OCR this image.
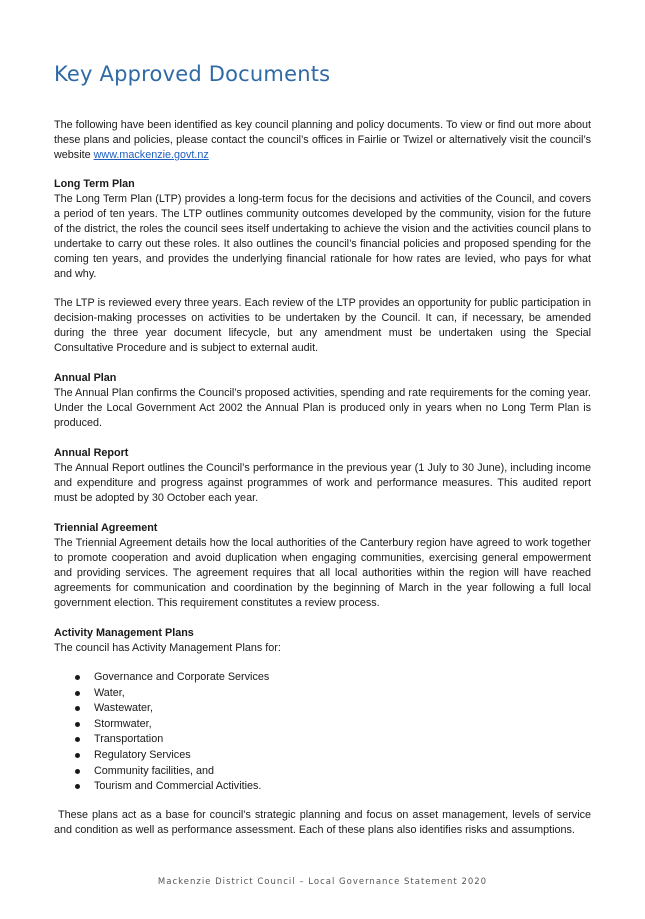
Key Approved Documents

The following have been identified as key council planning and policy documents. To view or find out more about these plans and policies, please contact the council’s offices in Fairlie or Twizel or alternatively visit the council’s website www.mackenzie.govt.nz

Long Term Plan

The Long Term Plan (LTP) provides a long-term focus for the decisions and activities of the Council, and covers a period of ten years. The LTP outlines community outcomes developed by the community, vision for the future of the district, the roles the council sees itself undertaking to achieve the vision and the activities council plans to undertake to carry out these roles. It also outlines the council’s financial policies and proposed spending for the coming ten years, and provides the underlying financial rationale for how rates are levied, who pays for what and why.

The LTP is reviewed every three years. Each review of the LTP provides an opportunity for public participation in decision-making processes on activities to be undertaken by the Council. It can, if necessary, be amended during the three year document lifecycle, but any amendment must be undertaken using the Special Consultative Procedure and is subject to external audit.

Annual Plan

The Annual Plan confirms the Council’s proposed activities, spending and rate requirements for the coming year. Under the Local Government Act 2002 the Annual Plan is produced only in years when no Long Term Plan is produced.

Annual Report

The Annual Report outlines the Council’s performance in the previous year (1 July to 30 June), including income and expenditure and progress against programmes of work and performance measures. This audited report must be adopted by 30 October each year.

Triennial Agreement

The Triennial Agreement details how the local authorities of the Canterbury region have agreed to work together to promote cooperation and avoid duplication when engaging communities, exercising general empowerment and providing services. The agreement requires that all local authorities within the region will have reached agreements for communication and coordination by the beginning of March in the year following a full local government election. This requirement constitutes a review process.

Activity Management Plans

The council has Activity Management Plans for:

Governance and Corporate Services
Water,
Wastewater,
Stormwater,
Transportation
Regulatory Services
Community facilities, and
Tourism and Commercial Activities.

These plans act as a base for council’s strategic planning and focus on asset management, levels of service and condition as well as performance assessment. Each of these plans also identifies risks and assumptions.

Mackenzie District Council – Local Governance Statement 2020
